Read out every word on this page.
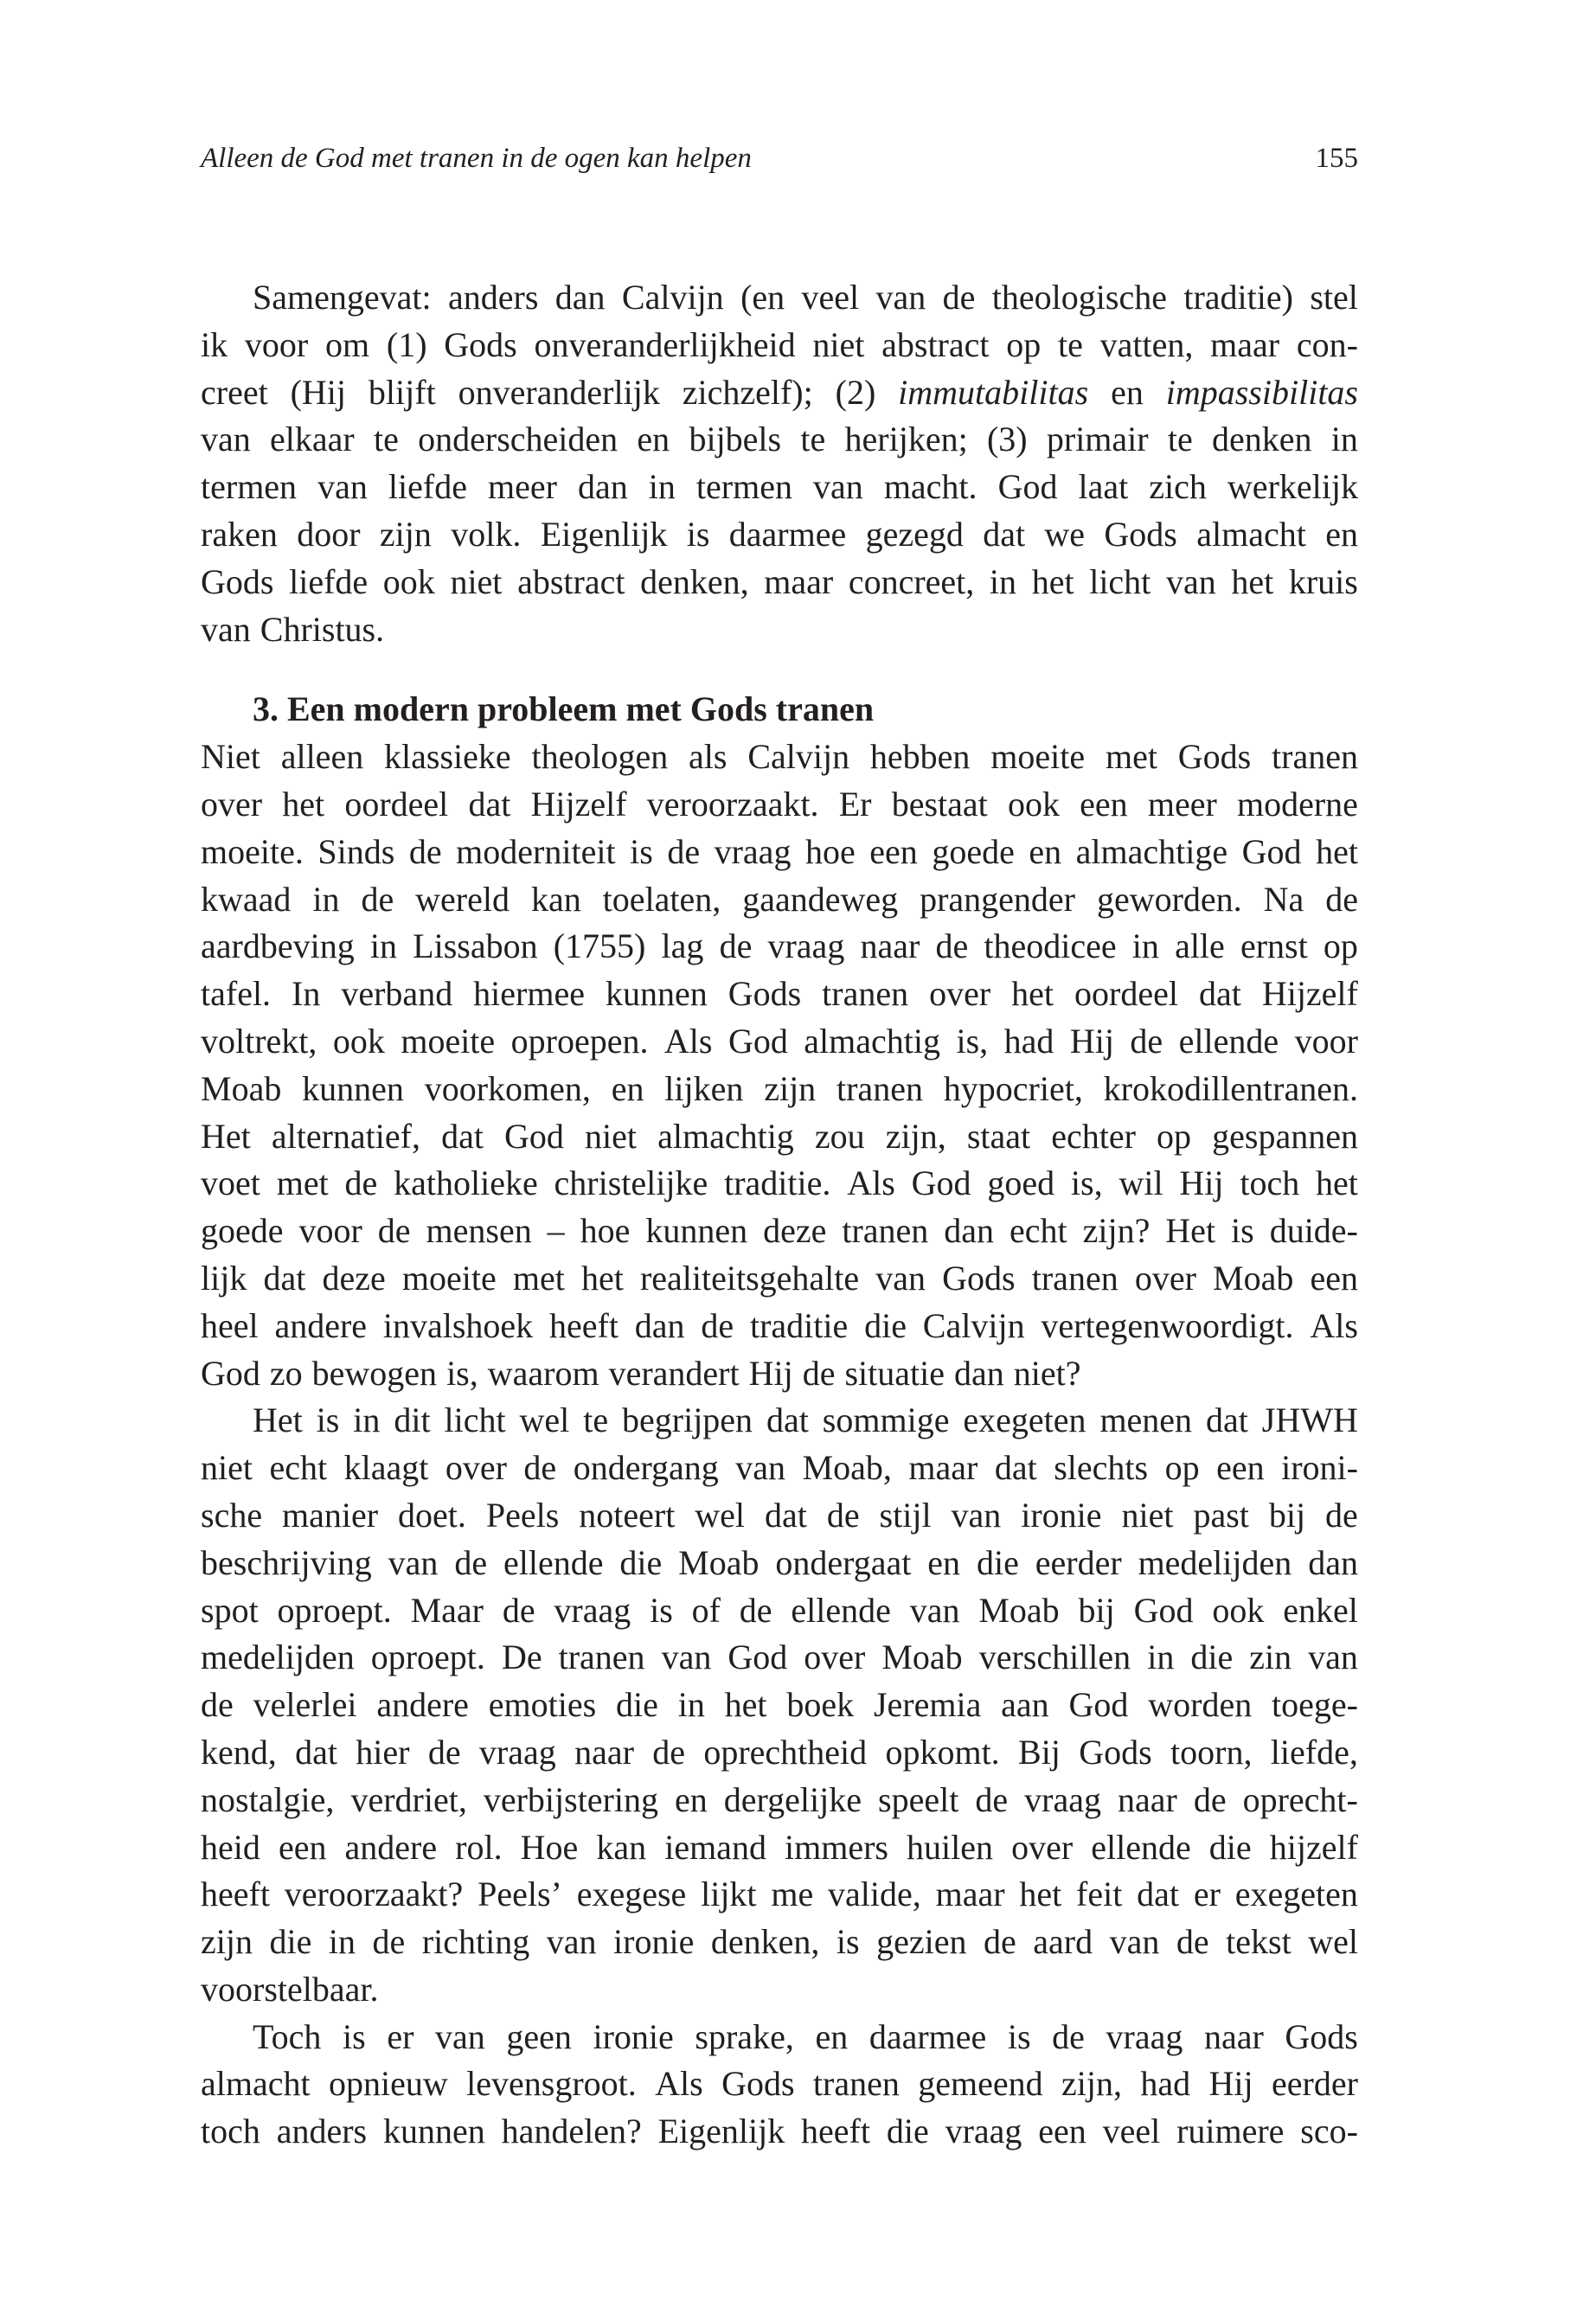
Alleen de God met tranen in de ogen kan helpen	155
Samengevat: anders dan Calvijn (en veel van de theologische traditie) stel
ik voor om (1) Gods onveranderlijkheid niet abstract op te vatten, maar con-
creet (Hij blijft onveranderlijk zichzelf); (2) immutabilitas en impassibilitas
van elkaar te onderscheiden en bijbels te herijken; (3) primair te denken in
termen van liefde meer dan in termen van macht. God laat zich werkelijk
raken door zijn volk. Eigenlijk is daarmee gezegd dat we Gods almacht en
Gods liefde ook niet abstract denken, maar concreet, in het licht van het kruis
van Christus.
3. Een modern probleem met Gods tranen
Niet alleen klassieke theologen als Calvijn hebben moeite met Gods tranen
over het oordeel dat Hijzelf veroorzaakt. Er bestaat ook een meer moderne
moeite. Sinds de moderniteit is de vraag hoe een goede en almachtige God het
kwaad in de wereld kan toelaten, gaandeweg prangender geworden. Na de
aardbeving in Lissabon (1755) lag de vraag naar de theodicee in alle ernst op
tafel. In verband hiermee kunnen Gods tranen over het oordeel dat Hijzelf
voltrekt, ook moeite oproepen. Als God almachtig is, had Hij de ellende voor
Moab kunnen voorkomen, en lijken zijn tranen hypocriet, krokodillentranen.
Het alternatief, dat God niet almachtig zou zijn, staat echter op gespannen
voet met de katholieke christelijke traditie. Als God goed is, wil Hij toch het
goede voor de mensen – hoe kunnen deze tranen dan echt zijn? Het is duide-
lijk dat deze moeite met het realiteitsgehalte van Gods tranen over Moab een
heel andere invalshoek heeft dan de traditie die Calvijn vertegenwoordigt. Als
God zo bewogen is, waarom verandert Hij de situatie dan niet?
Het is in dit licht wel te begrijpen dat sommige exegeten menen dat JHWH
niet echt klaagt over de ondergang van Moab, maar dat slechts op een ironi-
sche manier doet. Peels noteert wel dat de stijl van ironie niet past bij de
beschrijving van de ellende die Moab ondergaat en die eerder medelijden dan
spot oproept. Maar de vraag is of de ellende van Moab bij God ook enkel
medelijden oproept. De tranen van God over Moab verschillen in die zin van
de velerlei andere emoties die in het boek Jeremia aan God worden toege-
kend, dat hier de vraag naar de oprechtheid opkomt. Bij Gods toorn, liefde,
nostalgie, verdriet, verbijstering en dergelijke speelt de vraag naar de oprecht-
heid een andere rol. Hoe kan iemand immers huilen over ellende die hijzelf
heeft veroorzaakt? Peels’ exegese lijkt me valide, maar het feit dat er exegeten
zijn die in de richting van ironie denken, is gezien de aard van de tekst wel
voorstelbaar.
Toch is er van geen ironie sprake, en daarmee is de vraag naar Gods
almacht opnieuw levensgroot. Als Gods tranen gemeend zijn, had Hij eerder
toch anders kunnen handelen? Eigenlijk heeft die vraag een veel ruimere sco-
